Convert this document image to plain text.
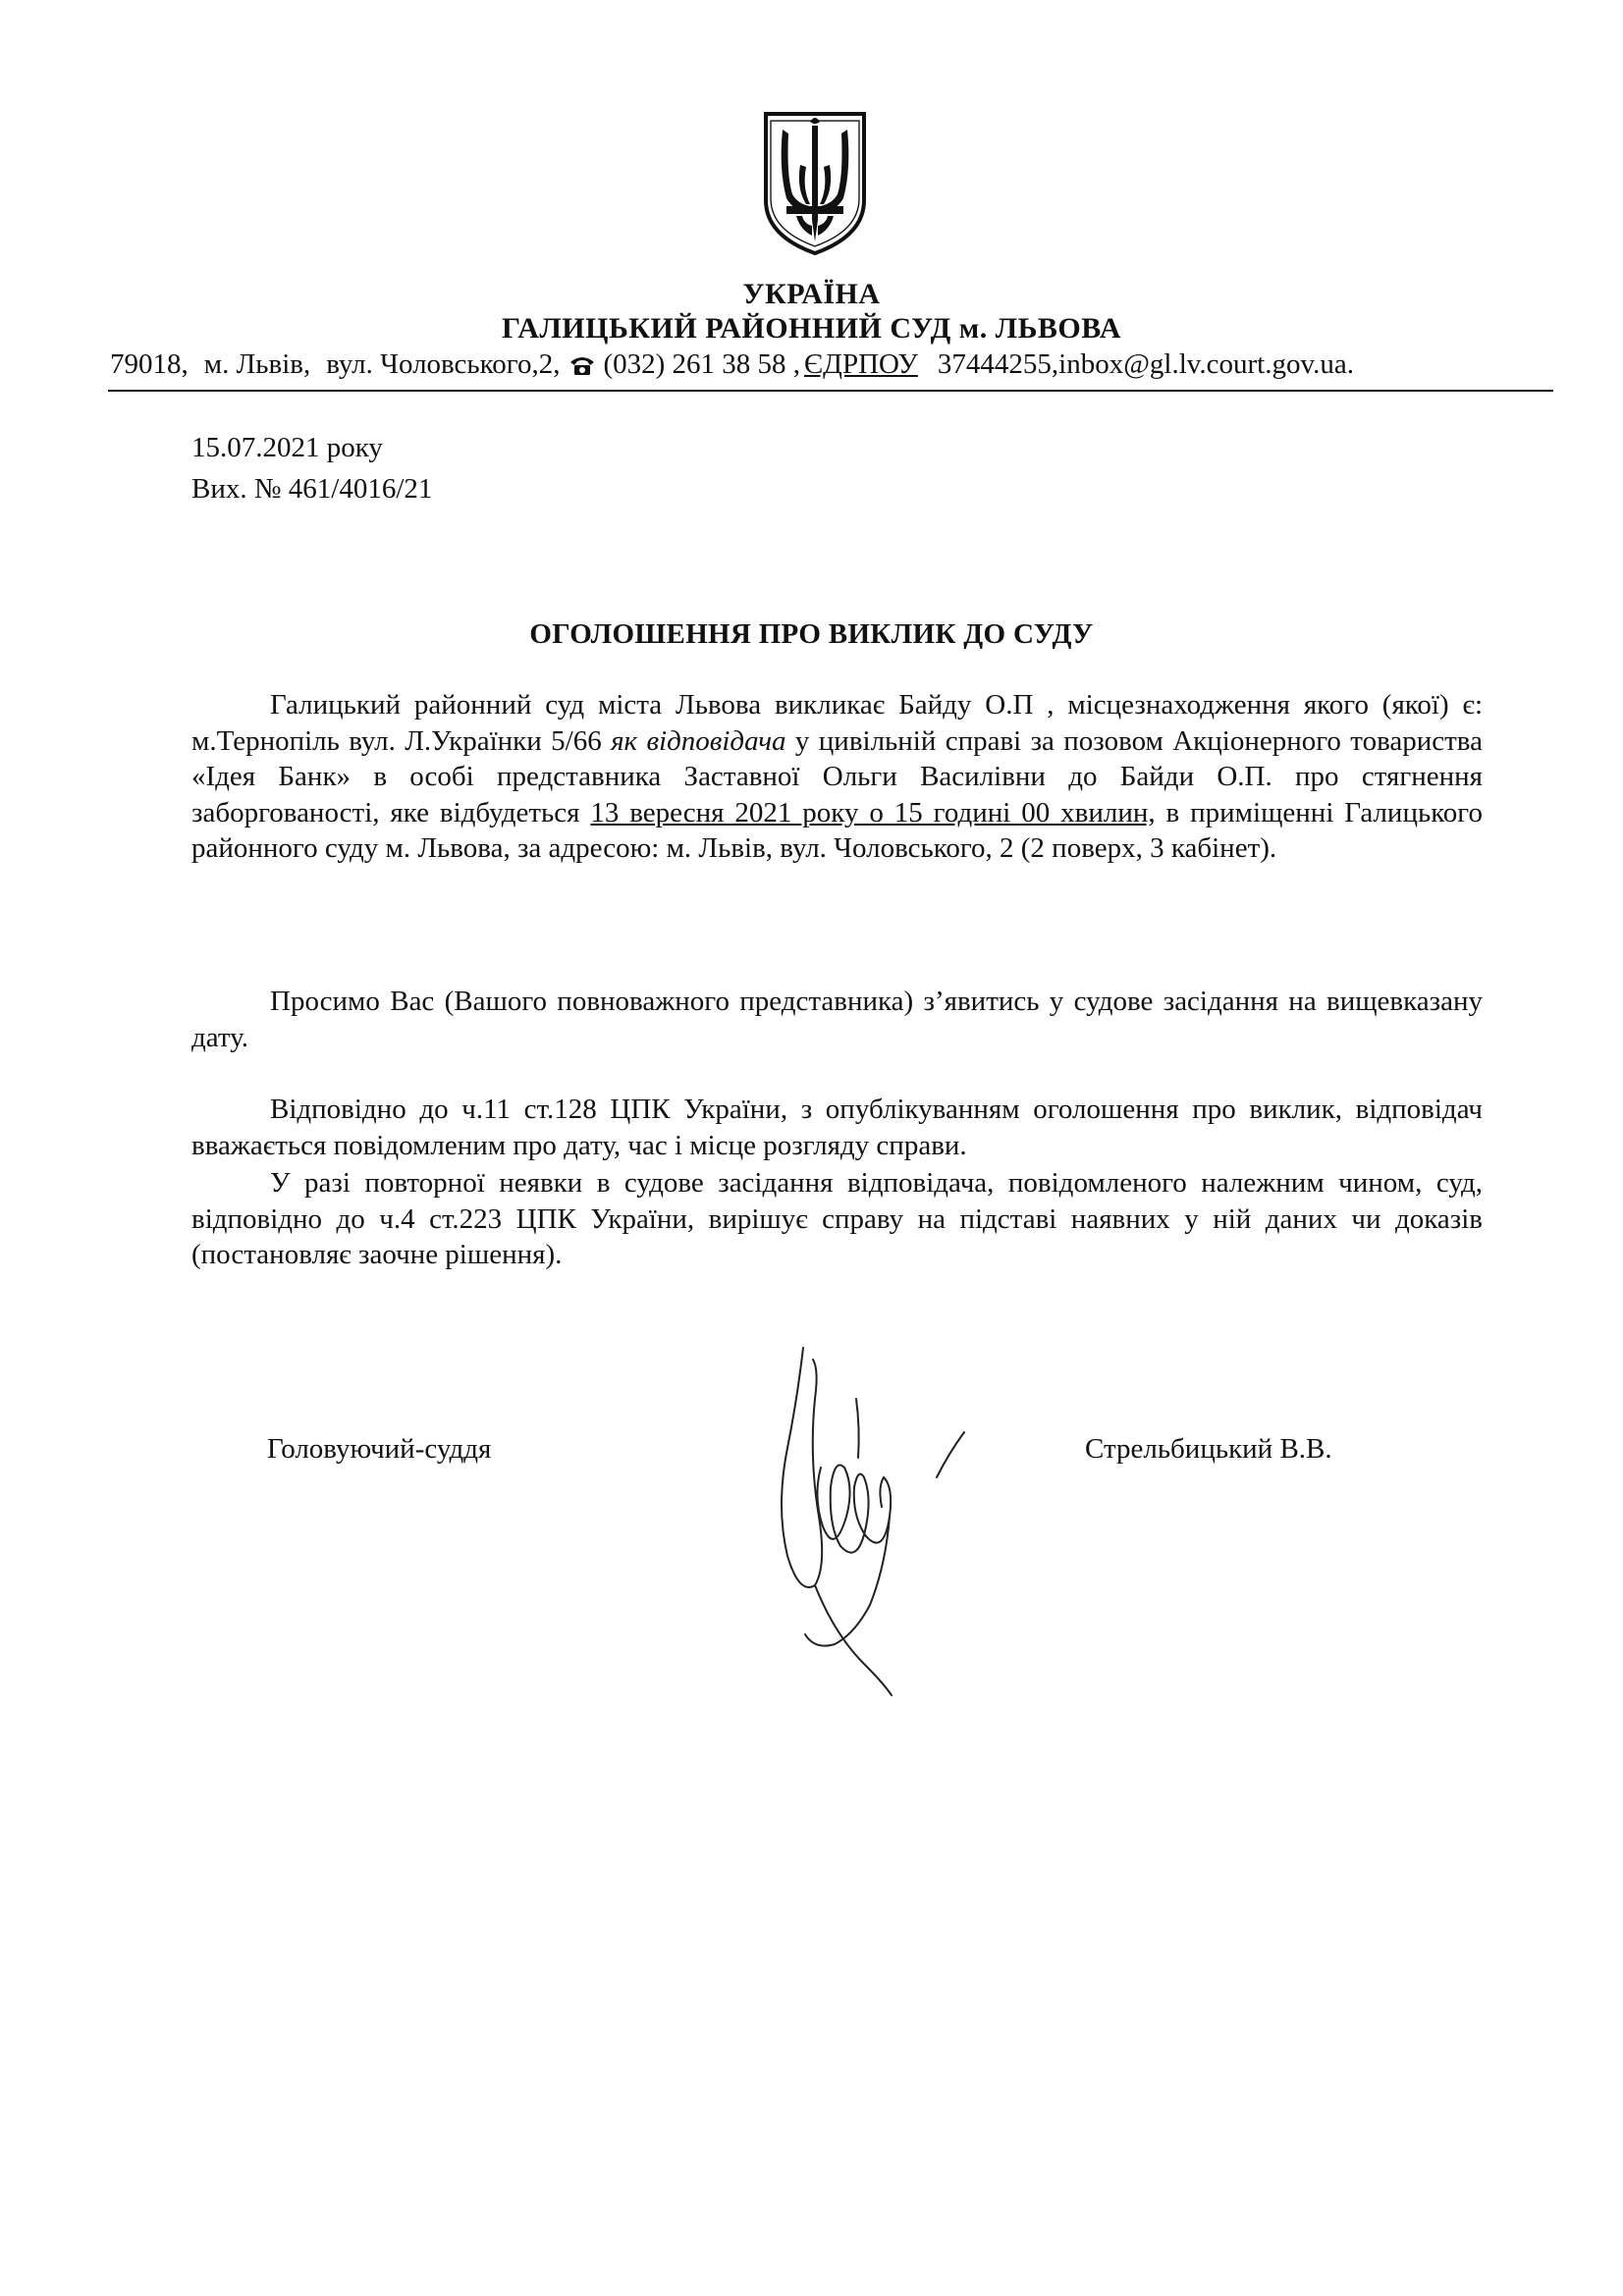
УКРАЇНА
ГАЛИЦЬКИЙ РАЙОННИЙ СУД м. ЛЬВОВА
79018, м. Львів, вул. Чоловського,2, (032) 261 38 58 , ЄДРПОУ 37444255,inbox@gl.lv.court.gov.ua.
15.07.2021 року
Вих. № 461/4016/21
ОГОЛОШЕННЯ ПРО ВИКЛИК ДО СУДУ
Галицький районний суд міста Львова викликає Байду О.П , місцезнаходження якого (якої) є: м.Тернопіль вул. Л.Українки 5/66 як відповідача у цивільній справі за позовом Акціонерного товариства «Ідея Банк» в особі представника Заставної Ольги Василівни до Байди О.П. про стягнення заборгованості, яке відбудеться 13 вересня 2021 року о 15 годині 00 хвилин, в приміщенні Галицького районного суду м. Львова, за адресою: м. Львів, вул. Чоловського, 2 (2 поверх, 3 кабінет).
Просимо Вас (Вашого повноважного представника) з’явитись у судове засідання на вищевказану дату.
Відповідно до ч.11 ст.128 ЦПК України, з опублікуванням оголошення про виклик, відповідач вважається повідомленим про дату, час і місце розгляду справи.
У разі повторної неявки в судове засідання відповідача, повідомленого належним чином, суд, відповідно до ч.4 ст.223 ЦПК України, вирішує справу на підставі наявних у ній даних чи доказів (постановляє заочне рішення).
Головуючий-суддя	Стрельбицький В.В.
